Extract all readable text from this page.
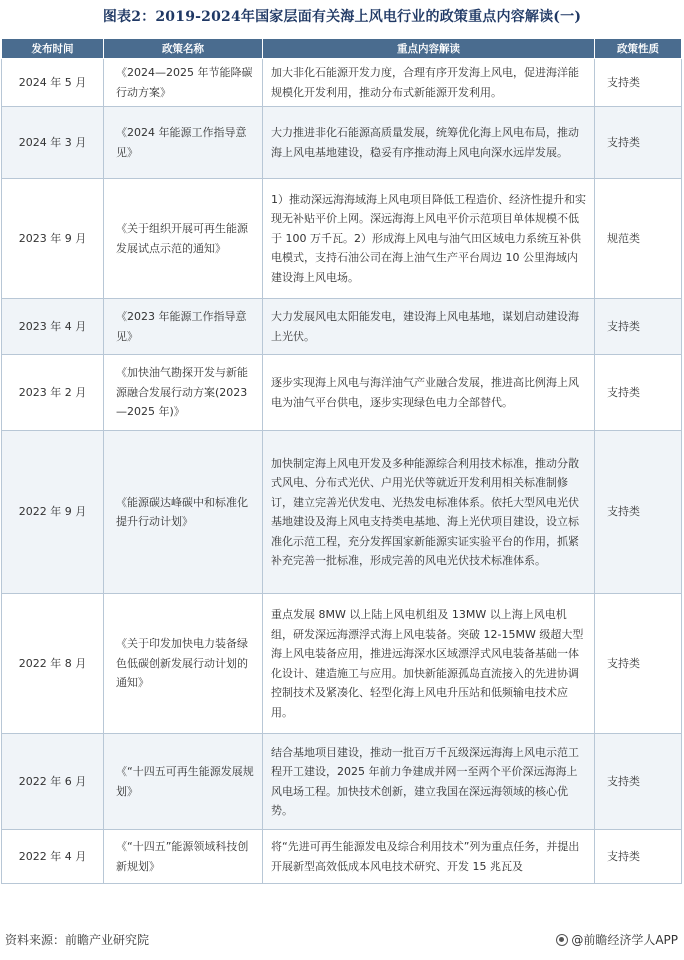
图表2：2019-2024年国家层面有关海上风电行业的政策重点内容解读(一)
发布时间	政策名称	重点内容解读	政策性质
2024 年 5 月	《2024—2025 年节能降碳行动方案》	加大非化石能源开发力度，合理有序开发海上风电，促进海洋能规模化开发利用，推动分布式新能源开发利用。	支持类
2024 年 3 月	《2024 年能源工作指导意见》	大力推进非化石能源高质量发展，统筹优化海上风电布局，推动海上风电基地建设，稳妥有序推动海上风电向深水远岸发展。	支持类
2023 年 9 月	《关于组织开展可再生能源发展试点示范的通知》	1）推动深远海海域海上风电项目降低工程造价、经济性提升和实现无补贴平价上网。深远海海上风电平价示范项目单体规模不低于 100 万千瓦。2）形成海上风电与油气田区域电力系统互补供电模式，支持石油公司在海上油气生产平台周边 10 公里海域内建设海上风电场。	规范类
2023 年 4 月	《2023 年能源工作指导意见》	大力发展风电太阳能发电，建设海上风电基地，谋划启动建设海上光伏。	支持类
2023 年 2 月	《加快油气勘探开发与新能源融合发展行动方案(2023—2025 年)》	逐步实现海上风电与海洋油气产业融合发展，推进高比例海上风电为油气平台供电，逐步实现绿色电力全部替代。	支持类
2022 年 9 月	《能源碳达峰碳中和标准化提升行动计划》	加快制定海上风电开发及多种能源综合利用技术标准，推动分散式风电、分布式光伏、户用光伏等就近开发利用相关标准制修订，建立完善光伏发电、光热发电标准体系。依托大型风电光伏基地建设及海上风电支持类电基地、海上光伏项目建设，设立标准化示范工程，充分发挥国家新能源实证实验平台的作用，抓紧补充完善一批标准，形成完善的风电光伏技术标准体系。	支持类
2022 年 8 月	《关于印发加快电力装备绿色低碳创新发展行动计划的通知》	重点发展 8MW 以上陆上风电机组及 13MW 以上海上风电机组，研发深远海漂浮式海上风电装备。突破 12-15MW 级超大型海上风电装备应用，推进远海深水区域漂浮式风电装备基础一体化设计、建造施工与应用。加快新能源孤岛直流接入的先进协调控制技术及紧凑化、轻型化海上风电升压站和低频输电技术应用。	支持类
2022 年 6 月	《“十四五可再生能源发展规划》	结合基地项目建设，推动一批百万千瓦级深远海海上风电示范工程开工建设，2025 年前力争建成并网一至两个平价深远海海上风电场工程。加快技术创新，建立我国在深远海领域的核心优势。	支持类
2022 年 4 月	《“十四五”能源领域科技创新规划》	将“先进可再生能源发电及综合利用技术”列为重点任务，并提出开展新型高效低成本风电技术研究、开发 15 兆瓦及	支持类
资料来源：前瞻产业研究院	@前瞻经济学人APP
